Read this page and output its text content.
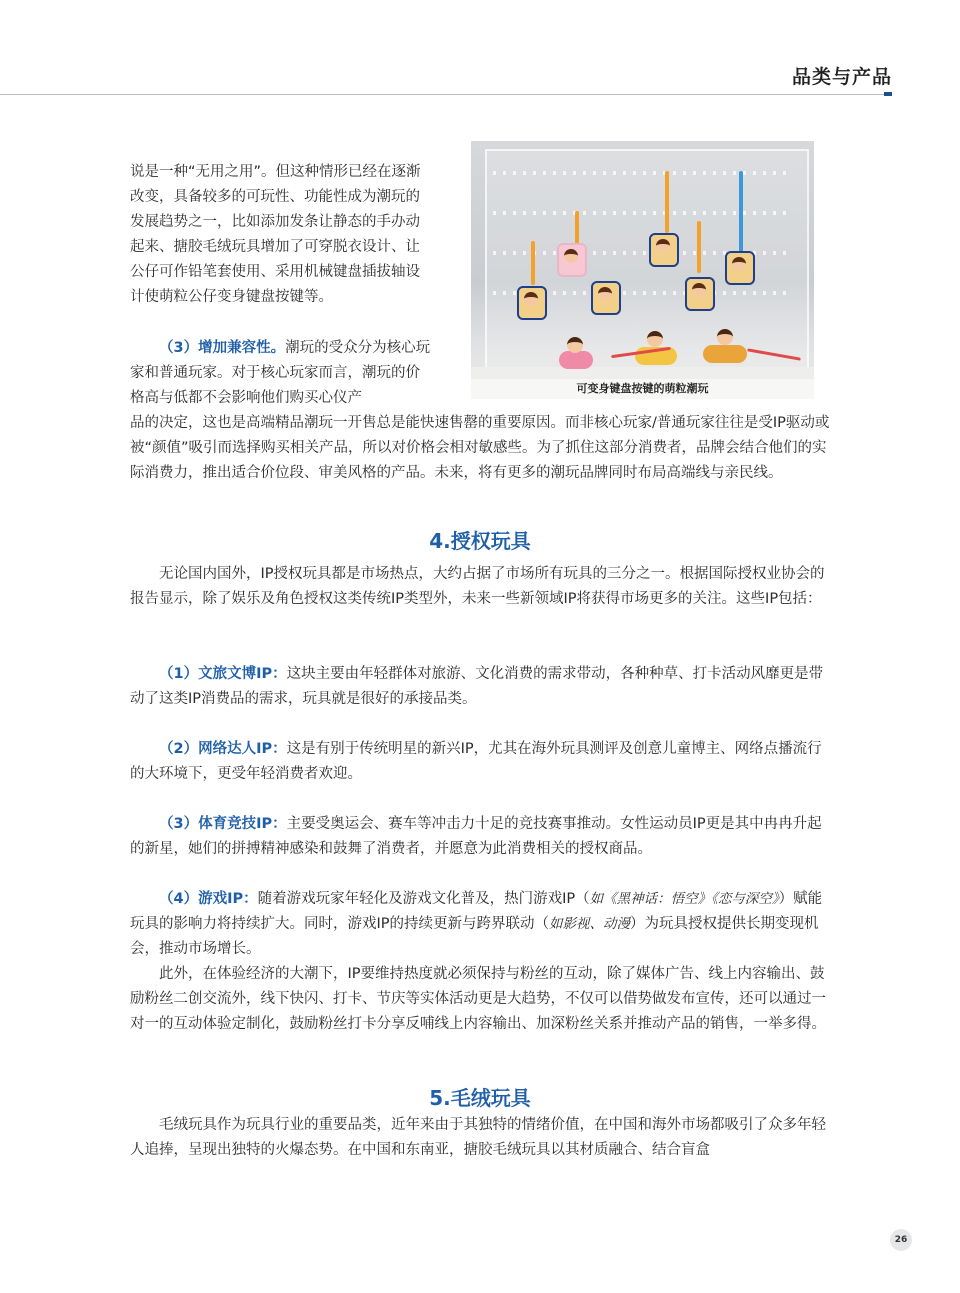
品类与产品

说是一种“无用之用”。但这种情形已经在逐渐改变，具备较多的可玩性、功能性成为潮玩的发展趋势之一，比如添加发条让静态的手办动起来、搪胶毛绒玩具增加了可穿脱衣设计、让公仔可作铅笔套使用、采用机械键盘插拔轴设计使萌粒公仔变身键盘按键等。

（3）增加兼容性。潮玩的受众分为核心玩家和普通玩家。对于核心玩家而言，潮玩的价格高与低都不会影响他们购买心仪产

品的决定，这也是高端精品潮玩一开售总是能快速售罄的重要原因。而非核心玩家/普通玩家往往是受IP驱动或被“颜值”吸引而选择购买相关产品，所以对价格会相对敏感些。为了抓住这部分消费者，品牌会结合他们的实际消费力，推出适合价位段、审美风格的产品。未来，将有更多的潮玩品牌同时布局高端线与亲民线。

可变身键盘按键的萌粒潮玩
4.授权玩具

无论国内国外，IP授权玩具都是市场热点，大约占据了市场所有玩具的三分之一。根据国际授权业协会的报告显示，除了娱乐及角色授权这类传统IP类型外，未来一些新领域IP将获得市场更多的关注。这些IP包括：

（1）文旅文博IP：这块主要由年轻群体对旅游、文化消费的需求带动，各种种草、打卡活动风靡更是带动了这类IP消费品的需求，玩具就是很好的承接品类。

（2）网络达人IP：这是有别于传统明星的新兴IP，尤其在海外玩具测评及创意儿童博主、网络点播流行的大环境下，更受年轻消费者欢迎。

（3）体育竞技IP：主要受奥运会、赛车等冲击力十足的竞技赛事推动。女性运动员IP更是其中冉冉升起的新星，她们的拼搏精神感染和鼓舞了消费者，并愿意为此消费相关的授权商品。

（4）游戏IP：随着游戏玩家年轻化及游戏文化普及，热门游戏IP（如《黑神话：悟空》《恋与深空》）赋能玩具的影响力将持续扩大。同时，游戏IP的持续更新与跨界联动（如影视、动漫）为玩具授权提供长期变现机会，推动市场增长。

此外，在体验经济的大潮下，IP要维持热度就必须保持与粉丝的互动，除了媒体广告、线上内容输出、鼓励粉丝二创交流外，线下快闪、打卡、节庆等实体活动更是大趋势，不仅可以借势做发布宣传，还可以通过一对一的互动体验定制化，鼓励粉丝打卡分享反哺线上内容输出、加深粉丝关系并推动产品的销售，一举多得。

5.毛绒玩具

毛绒玩具作为玩具行业的重要品类，近年来由于其独特的情绪价值，在中国和海外市场都吸引了众多年轻人追捧，呈现出独特的火爆态势。在中国和东南亚，搪胶毛绒玩具以其材质融合、结合盲盒

26
